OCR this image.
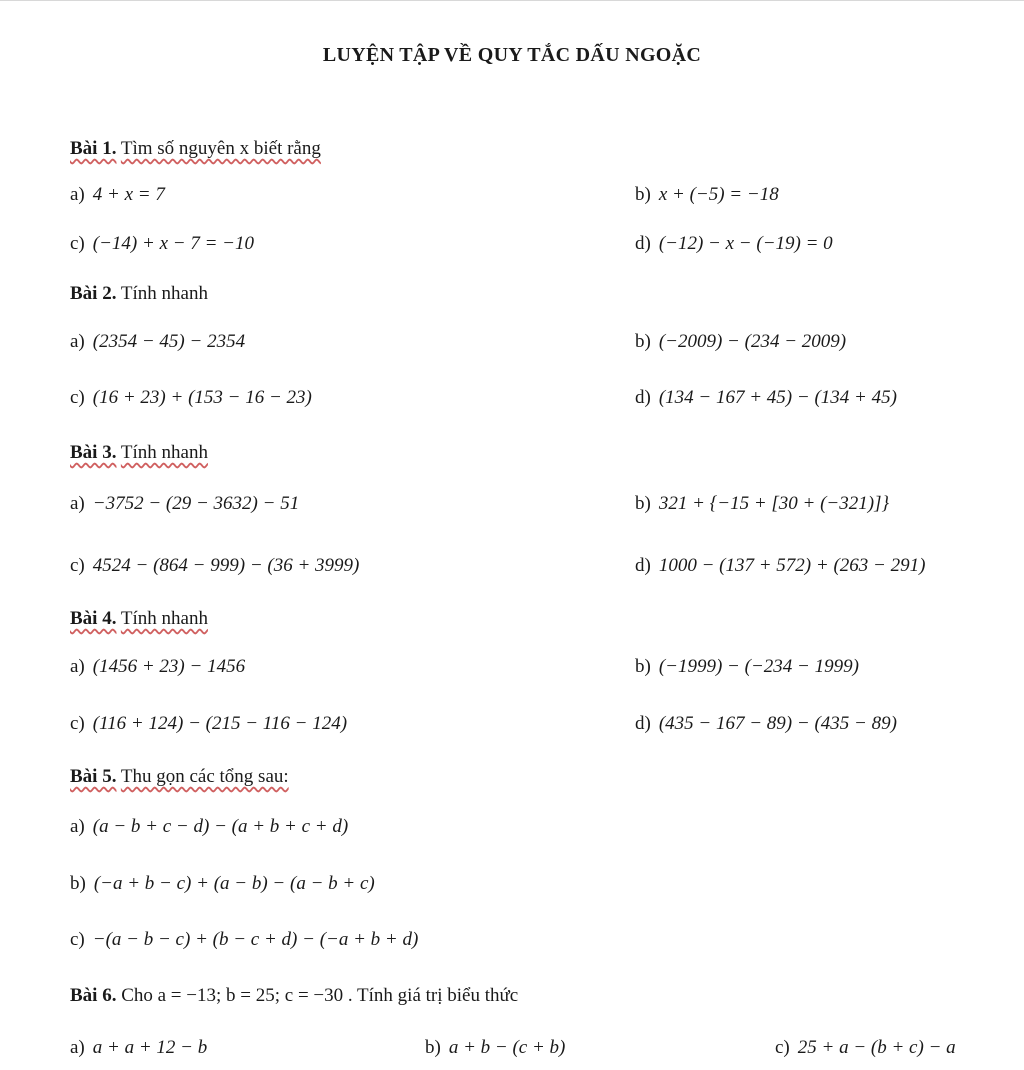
LUYỆN TẬP VỀ QUY TẮC DẤU NGOẶC
Bài 1. Tìm số nguyên x biết rằng
a) 4 + x = 7	b) x + (−5) = −18
c) (−14) + x − 7 = −10	d) (−12) − x − (−19) = 0
Bài 2. Tính nhanh
a) (2354 − 45) − 2354	b) (−2009) − (234 − 2009)
c) (16 + 23) + (153 − 16 − 23)	d) (134 − 167 + 45) − (134 + 45)
Bài 3. Tính nhanh
a) −3752 − (29 − 3632) − 51	b) 321 + {−15 + [30 + (−321)]}
c) 4524 − (864 − 999) − (36 + 3999)	d) 1000 − (137 + 572) + (263 − 291)
Bài 4. Tính nhanh
a) (1456 + 23) − 1456	b) (−1999) − (−234 − 1999)
c) (116 + 124) − (215 − 116 − 124)	d) (435 − 167 − 89) − (435 − 89)
Bài 5. Thu gọn các tổng sau:
a) (a − b + c − d) − (a + b + c + d)
b) (−a + b − c) + (a − b) − (a − b + c)
c) −(a − b − c) + (b − c + d) − (−a + b + d)
Bài 6. Cho a = −13; b = 25; c = −30 . Tính giá trị biểu thức
a) a + a + 12 − b	b) a + b − (c + b)	c) 25 + a − (b + c) − a
